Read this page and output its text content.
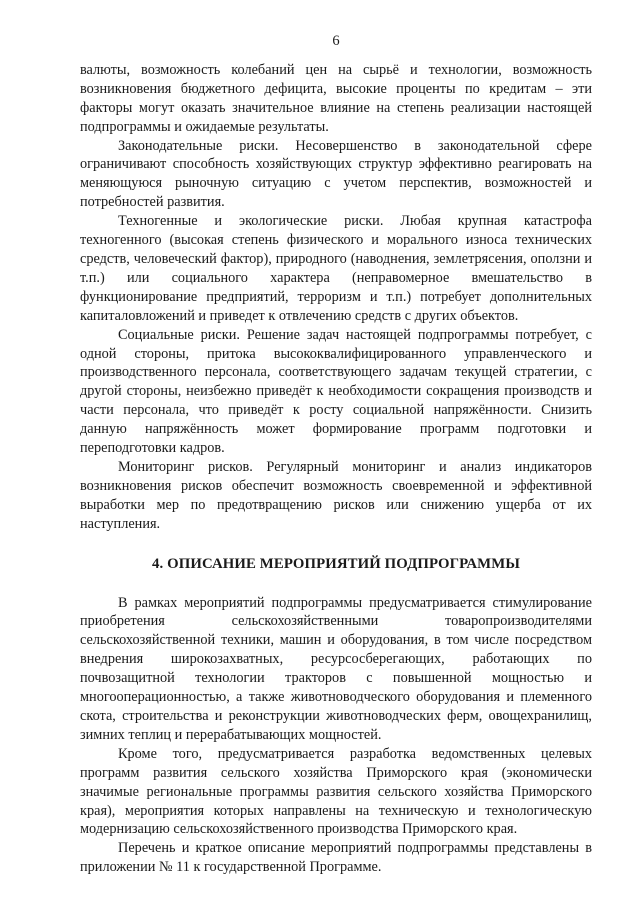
6

валюты, возможность колебаний цен на сырьё и технологии, возможность возникновения бюджетного дефицита, высокие проценты по кредитам – эти факторы могут оказать значительное влияние на степень реализации настоящей подпрограммы и ожидаемые результаты.

Законодательные риски. Несовершенство в законодательной сфере ограничивают способность хозяйствующих структур эффективно реагировать на меняющуюся рыночную ситуацию с учетом перспектив, возможностей и потребностей развития.

Техногенные и экологические риски. Любая крупная катастрофа техногенного (высокая степень физического и морального износа технических средств, человеческий фактор), природного (наводнения, землетрясения, оползни и т.п.) или социального характера (неправомерное вмешательство в функционирование предприятий, терроризм и т.п.) потребует дополнительных капиталовложений и приведет к отвлечению средств с других объектов.

Социальные риски. Решение задач настоящей подпрограммы потребует, с одной стороны, притока высококвалифицированного управленческого и производственного персонала, соответствующего задачам текущей стратегии, с другой стороны, неизбежно приведёт к необходимости сокращения производств и части персонала, что приведёт к росту социальной напряжённости. Снизить данную напряжённость может формирование программ подготовки и переподготовки кадров.

Мониторинг рисков. Регулярный мониторинг и анализ индикаторов возникновения рисков обеспечит возможность своевременной и эффективной выработки мер по предотвращению рисков или снижению ущерба от их наступления.

4. ОПИСАНИЕ МЕРОПРИЯТИЙ ПОДПРОГРАММЫ

В рамках мероприятий подпрограммы предусматривается стимулирование приобретения сельскохозяйственными товаропроизводителями сельскохозяйственной техники, машин и оборудования, в том числе посредством внедрения широкозахватных, ресурсосберегающих, работающих по почвозащитной технологии тракторов с повышенной мощностью и многооперационностью, а также животноводческого оборудования и племенного скота, строительства и реконструкции животноводческих ферм, овощехранилищ, зимних теплиц и перерабатывающих мощностей.

Кроме того, предусматривается разработка ведомственных целевых программ развития сельского хозяйства Приморского края (экономически значимые региональные программы развития сельского хозяйства Приморского края), мероприятия которых направлены на техническую и технологическую модернизацию сельскохозяйственного производства Приморского края.

Перечень и краткое описание мероприятий подпрограммы представлены в приложении № 11 к государственной Программе.
